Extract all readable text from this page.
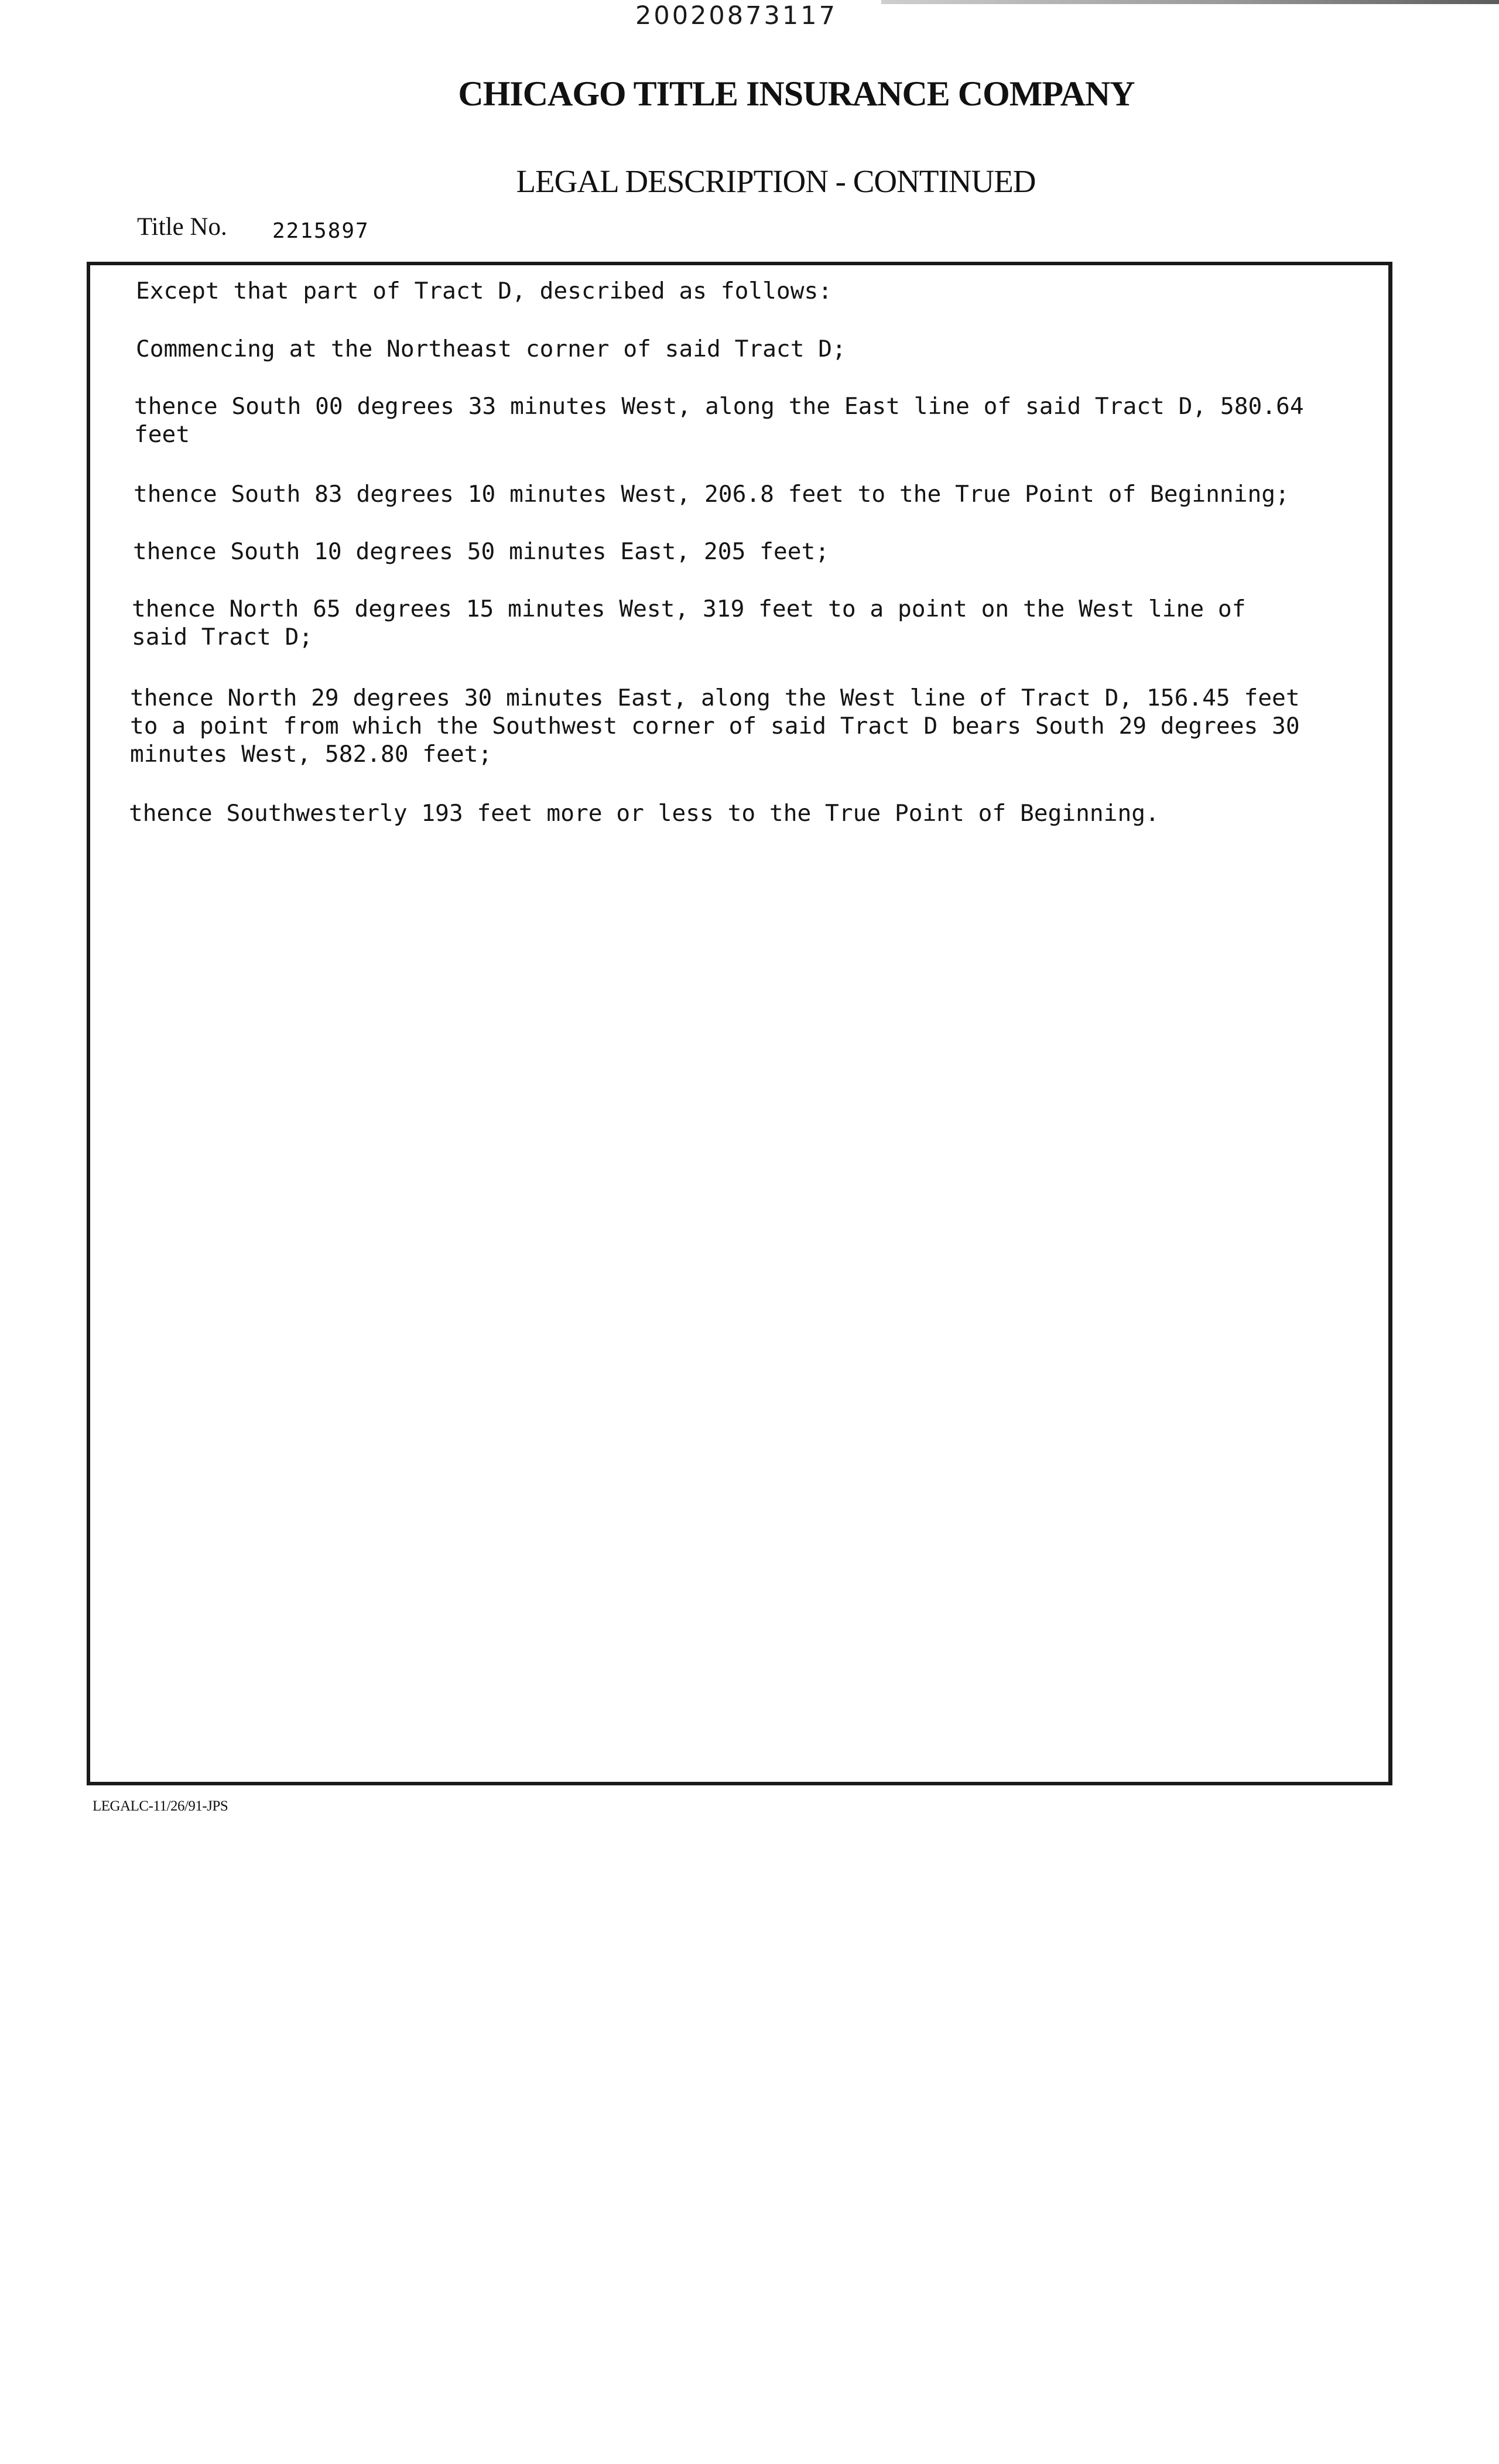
20020873117
CHICAGO TITLE INSURANCE COMPANY
LEGAL DESCRIPTION - CONTINUED
Title No. 2215897
Except that part of Tract D, described as follows:
Commencing at the Northeast corner of said Tract D;
thence South 00 degrees 33 minutes West, along the East line of said Tract D, 580.64
feet
thence South 83 degrees 10 minutes West, 206.8 feet to the True Point of Beginning;
thence South 10 degrees 50 minutes East, 205 feet;
thence North 65 degrees 15 minutes West, 319 feet to a point on the West line of
said Tract D;
thence North 29 degrees 30 minutes East, along the West line of Tract D, 156.45 feet
to a point from which the Southwest corner of said Tract D bears South 29 degrees 30
minutes West, 582.80 feet;
thence Southwesterly 193 feet more or less to the True Point of Beginning.
LEGALC-11/26/91-JPS
